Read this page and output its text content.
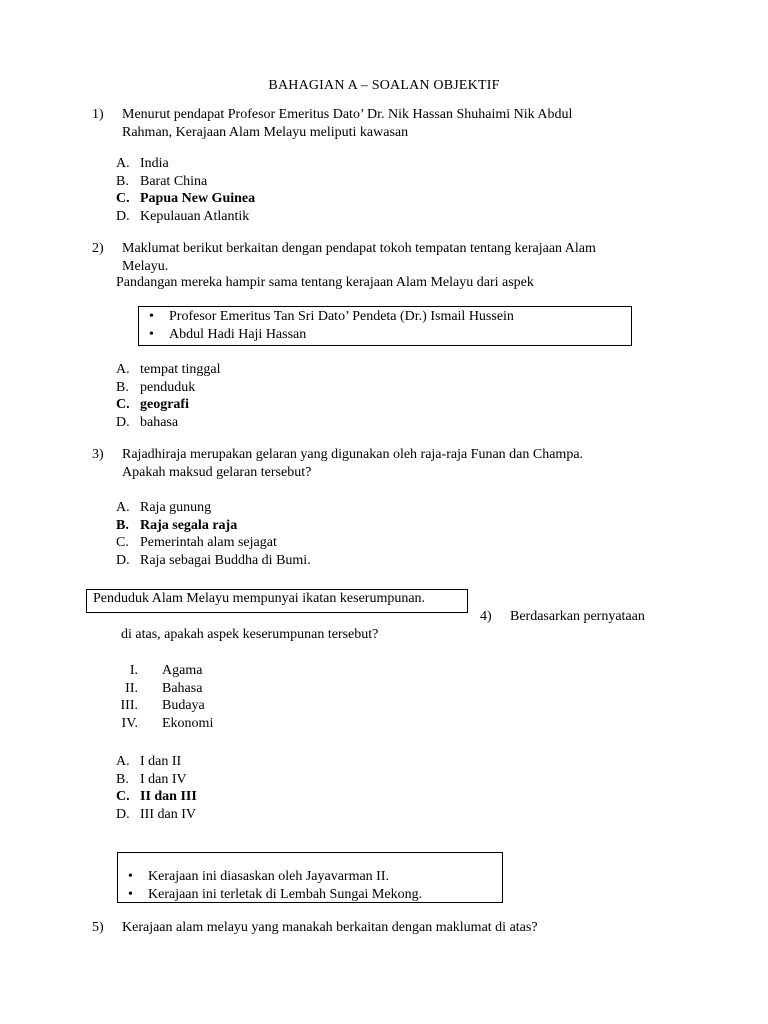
BAHAGIAN A – SOALAN OBJEKTIF
1)	Menurut pendapat Profesor Emeritus Dato’ Dr. Nik Hassan Shuhaimi Nik Abdul
Rahman, Kerajaan Alam Melayu meliputi kawasan
A. India
B. Barat China
C. Papua New Guinea
D. Kepulauan Atlantik
2)	Maklumat berikut berkaitan dengan pendapat tokoh tempatan tentang kerajaan Alam
Melayu.
Pandangan mereka hampir sama tentang kerajaan Alam Melayu dari aspek
• Profesor Emeritus Tan Sri Dato’ Pendeta (Dr.) Ismail Hussein
• Abdul Hadi Haji Hassan
A. tempat tinggal
B. penduduk
C. geografi
D. bahasa
3)	Rajadhiraja merupakan gelaran yang digunakan oleh raja-raja Funan dan Champa.
Apakah maksud gelaran tersebut?
A. Raja gunung
B. Raja segala raja
C. Pemerintah alam sejagat
D. Raja sebagai Buddha di Bumi.
Penduduk Alam Melayu mempunyai ikatan keserumpunan.
4) Berdasarkan pernyataan
di atas, apakah aspek keserumpunan tersebut?
I. Agama
II. Bahasa
III. Budaya
IV. Ekonomi
A. I dan II
B. I dan IV
C. II dan III
D. III dan IV
• Kerajaan ini diasaskan oleh Jayavarman II.
• Kerajaan ini terletak di Lembah Sungai Mekong.
5)	Kerajaan alam melayu yang manakah berkaitan dengan maklumat di atas?
